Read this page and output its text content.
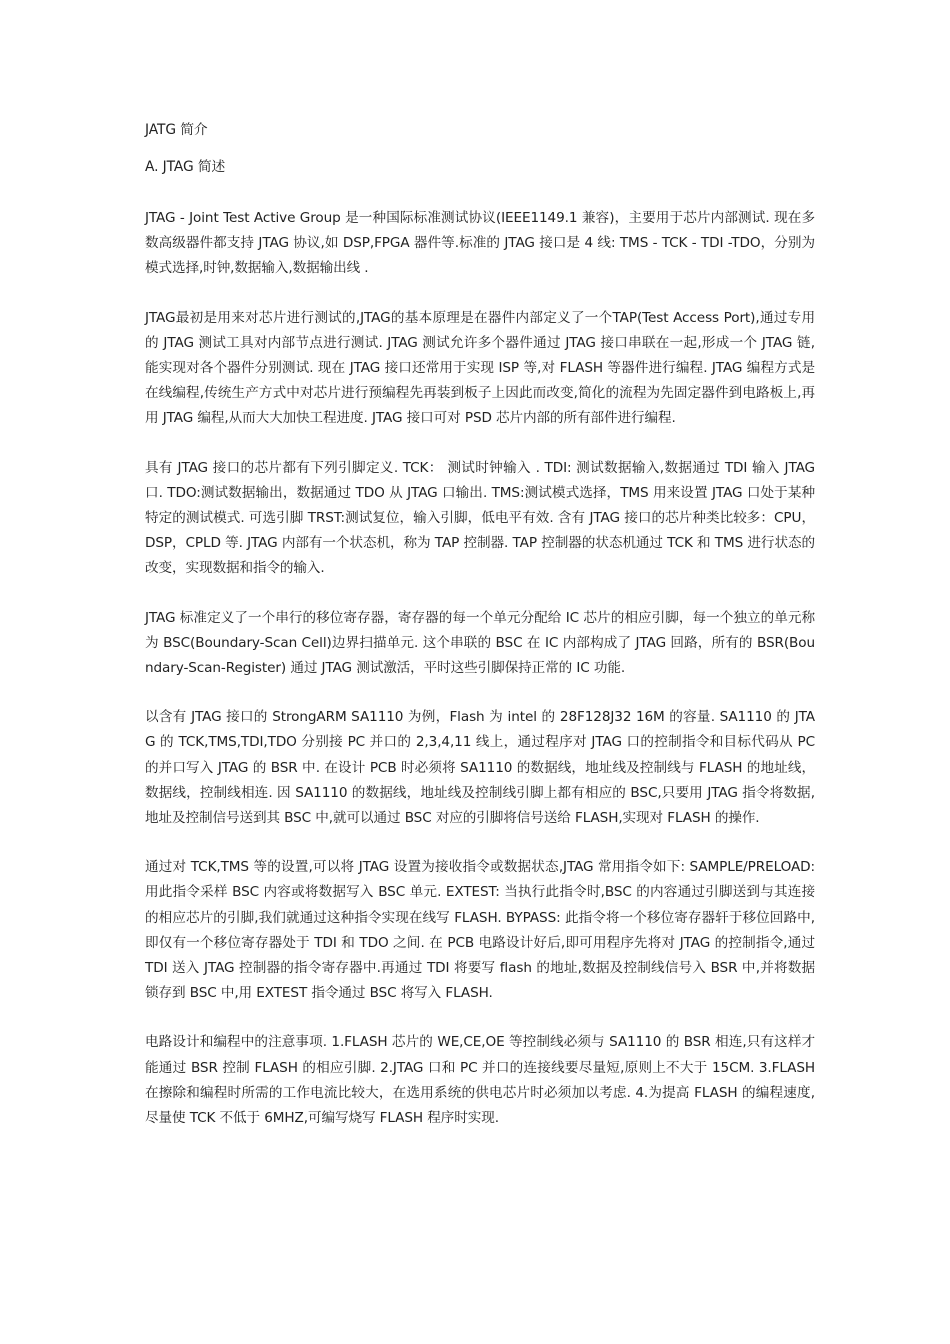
JATG 简介
A. JTAG 简述

JTAG - Joint Test Active Group 是一种国际标准测试协议(IEEE1149.1 兼容)，主要用于芯片内部测试. 现在多数高级器件都支持 JTAG 协议,如 DSP,FPGA 器件等.标准的 JTAG 接口是 4 线: TMS - TCK - TDI -TDO，分别为模式选择,时钟,数据输入,数据输出线 .

JTAG最初是用来对芯片进行测试的,JTAG的基本原理是在器件内部定义了一个TAP(Test Access Port),通过专用的 JTAG 测试工具对内部节点进行测试. JTAG 测试允许多个器件通过 JTAG 接口串联在一起,形成一个 JTAG 链, 能实现对各个器件分别测试. 现在 JTAG 接口还常用于实现 ISP 等,对 FLASH 等器件进行编程. JTAG 编程方式是在线编程,传统生产方式中对芯片进行预编程先再装到板子上因此而改变,简化的流程为先固定器件到电路板上,再用 JTAG 编程,从而大大加快工程进度. JTAG 接口可对 PSD 芯片内部的所有部件进行编程.

具有 JTAG 接口的芯片都有下列引脚定义. TCK： 测试时钟输入 . TDI: 测试数据输入,数据通过 TDI 输入 JTAG 口. TDO:测试数据输出，数据通过 TDO 从 JTAG 口输出. TMS:测试模式选择，TMS 用来设置 JTAG 口处于某种特定的测试模式. 可选引脚 TRST:测试复位，输入引脚，低电平有效. 含有 JTAG 接口的芯片种类比较多：CPU，DSP，CPLD 等. JTAG 内部有一个状态机，称为 TAP 控制器. TAP 控制器的状态机通过 TCK 和 TMS 进行状态的改变，实现数据和指令的输入.

JTAG 标准定义了一个串行的移位寄存器，寄存器的每一个单元分配给 IC 芯片的相应引脚，每一个独立的单元称为 BSC(Boundary-Scan Cell)边界扫描单元. 这个串联的 BSC 在 IC 内部构成了 JTAG 回路，所有的 BSR(Boundary-Scan-Register) 通过 JTAG 测试激活，平时这些引脚保持正常的 IC 功能.

以含有 JTAG 接口的 StrongARM SA1110 为例，Flash 为 intel 的 28F128J32 16M 的容量. SA1110 的 JTAG 的 TCK,TMS,TDI,TDO 分别接 PC 并口的 2,3,4,11 线上，通过程序对 JTAG 口的控制指令和目标代码从 PC 的并口写入 JTAG 的 BSR 中. 在设计 PCB 时必须将 SA1110 的数据线，地址线及控制线与 FLASH 的地址线，数据线，控制线相连. 因 SA1110 的数据线，地址线及控制线引脚上都有相应的 BSC,只要用 JTAG 指令将数据,地址及控制信号送到其 BSC 中,就可以通过 BSC 对应的引脚将信号送给 FLASH,实现对 FLASH 的操作.

通过对 TCK,TMS 等的设置,可以将 JTAG 设置为接收指令或数据状态,JTAG 常用指令如下: SAMPLE/PRELOAD: 用此指令采样 BSC 内容或将数据写入 BSC 单元. EXTEST: 当执行此指令时,BSC 的内容通过引脚送到与其连接的相应芯片的引脚,我们就通过这种指令实现在线写 FLASH. BYPASS: 此指令将一个移位寄存器轩于移位回路中,即仅有一个移位寄存器处于 TDI 和 TDO 之间. 在 PCB 电路设计好后,即可用程序先将对 JTAG 的控制指令,通过 TDI 送入 JTAG 控制器的指令寄存器中.再通过 TDI 将要写 flash 的地址,数据及控制线信号入 BSR 中,并将数据锁存到 BSC 中,用 EXTEST 指令通过 BSC 将写入 FLASH.

电路设计和编程中的注意事项. 1.FLASH 芯片的 WE,CE,OE 等控制线必须与 SA1110 的 BSR 相连,只有这样才能通过 BSR 控制 FLASH 的相应引脚. 2.JTAG 口和 PC 并口的连接线要尽量短,原则上不大于 15CM. 3.FLASH 在擦除和编程时所需的工作电流比较大，在选用系统的供电芯片时必须加以考虑. 4.为提高 FLASH 的编程速度,尽量使 TCK 不低于 6MHZ,可编写烧写 FLASH 程序时实现.
